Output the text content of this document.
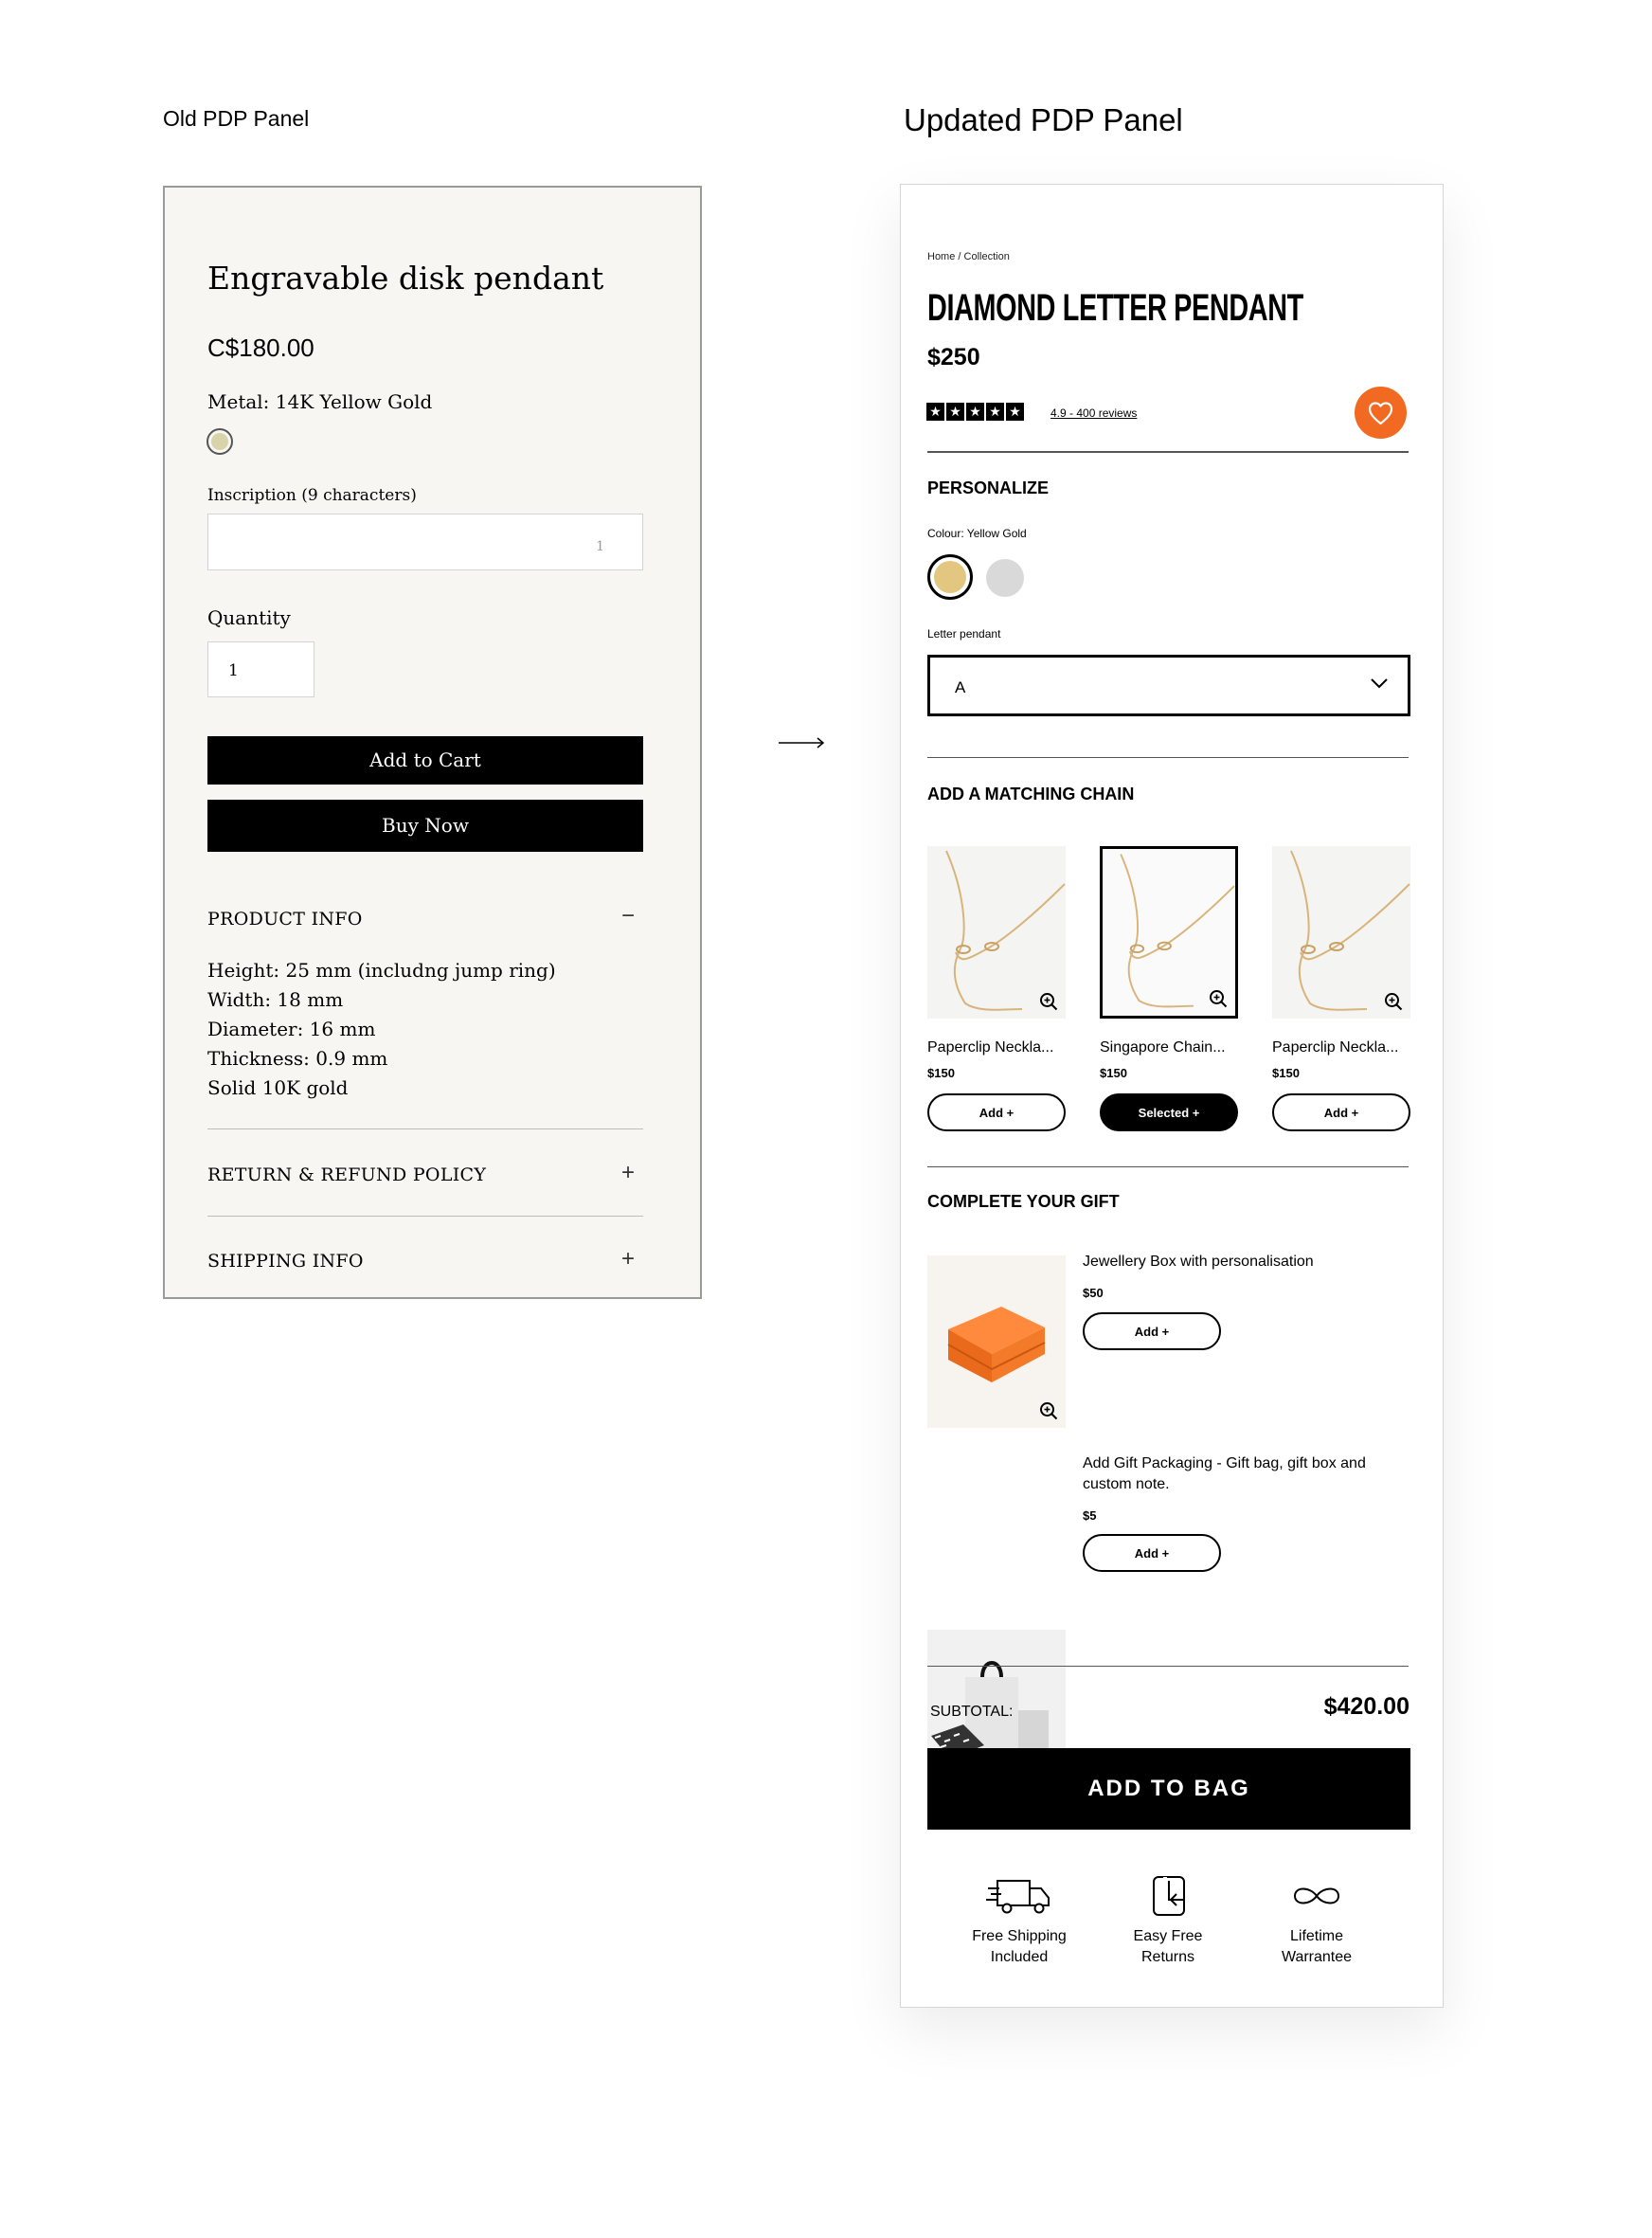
Old PDP Panel	Updated PDP Panel
Engravable disk pendant
C$180.00
Metal: 14K Yellow Gold
Inscription (9 characters)
1
Quantity
1
Add to Cart
Buy Now
PRODUCT INFO	−
Height: 25 mm (includng jump ring)
Width: 18 mm
Diameter: 16 mm
Thickness: 0.9 mm
Solid 10K gold
RETURN & REFUND POLICY	+
SHIPPING INFO	+
Home / Collection
DIAMOND LETTER PENDANT
$250
★ ★ ★ ★ ★	4.9 - 400 reviews
PERSONALIZE
Colour: Yellow Gold
Letter pendant
A
ADD A MATCHING CHAIN
Paperclip Neckla...
$150
Add +
Singapore Chain...
$150
Selected +
Paperclip Neckla...
$150
Add +
COMPLETE YOUR GIFT
Jewellery Box with personalisation
$50
Add +
Add Gift Packaging - Gift bag, gift box and custom note.
$5
Add +
SUBTOTAL:	$420.00
ADD TO BAG
Free Shipping
Included
Easy Free
Returns
Lifetime
Warrantee
